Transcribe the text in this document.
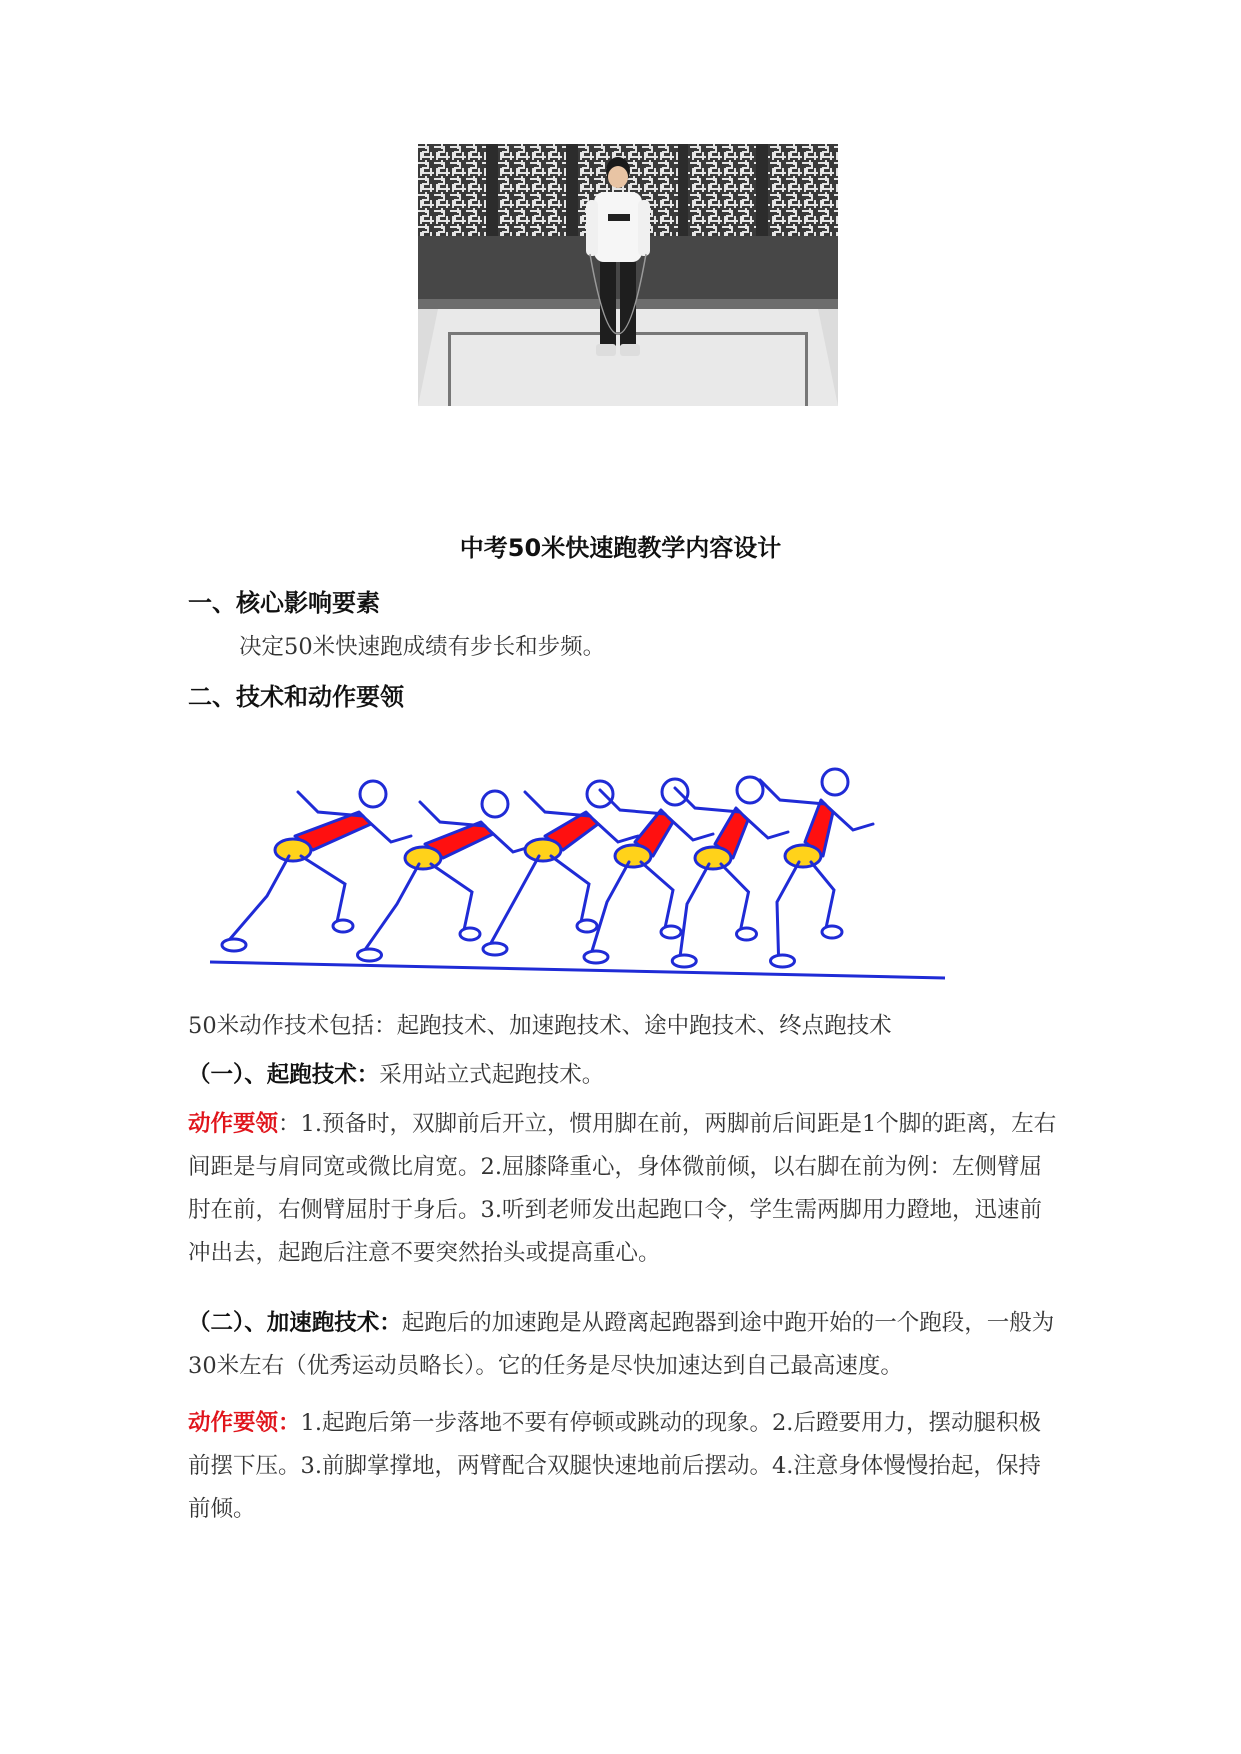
中考50米快速跑教学内容设计
一、核心影响要素
决定50米快速跑成绩有步长和步频。
二、技术和动作要领
50米动作技术包括：起跑技术、加速跑技术、途中跑技术、终点跑技术
（一）、起跑技术：采用站立式起跑技术。
动作要领：1.预备时，双脚前后开立，惯用脚在前，两脚前后间距是1个脚的距离，左右间距是与肩同宽或微比肩宽。2.屈膝降重心，身体微前倾，以右脚在前为例：左侧臂屈肘在前，右侧臂屈肘于身后。3.听到老师发出起跑口令，学生需两脚用力蹬地，迅速前冲出去，起跑后注意不要突然抬头或提高重心。
（二）、加速跑技术：起跑后的加速跑是从蹬离起跑器到途中跑开始的一个跑段，一般为30米左右（优秀运动员略长）。它的任务是尽快加速达到自己最高速度。
动作要领：1.起跑后第一步落地不要有停顿或跳动的现象。2.后蹬要用力，摆动腿积极前摆下压。3.前脚掌撑地，两臂配合双腿快速地前后摆动。4.注意身体慢慢抬起，保持前倾。
